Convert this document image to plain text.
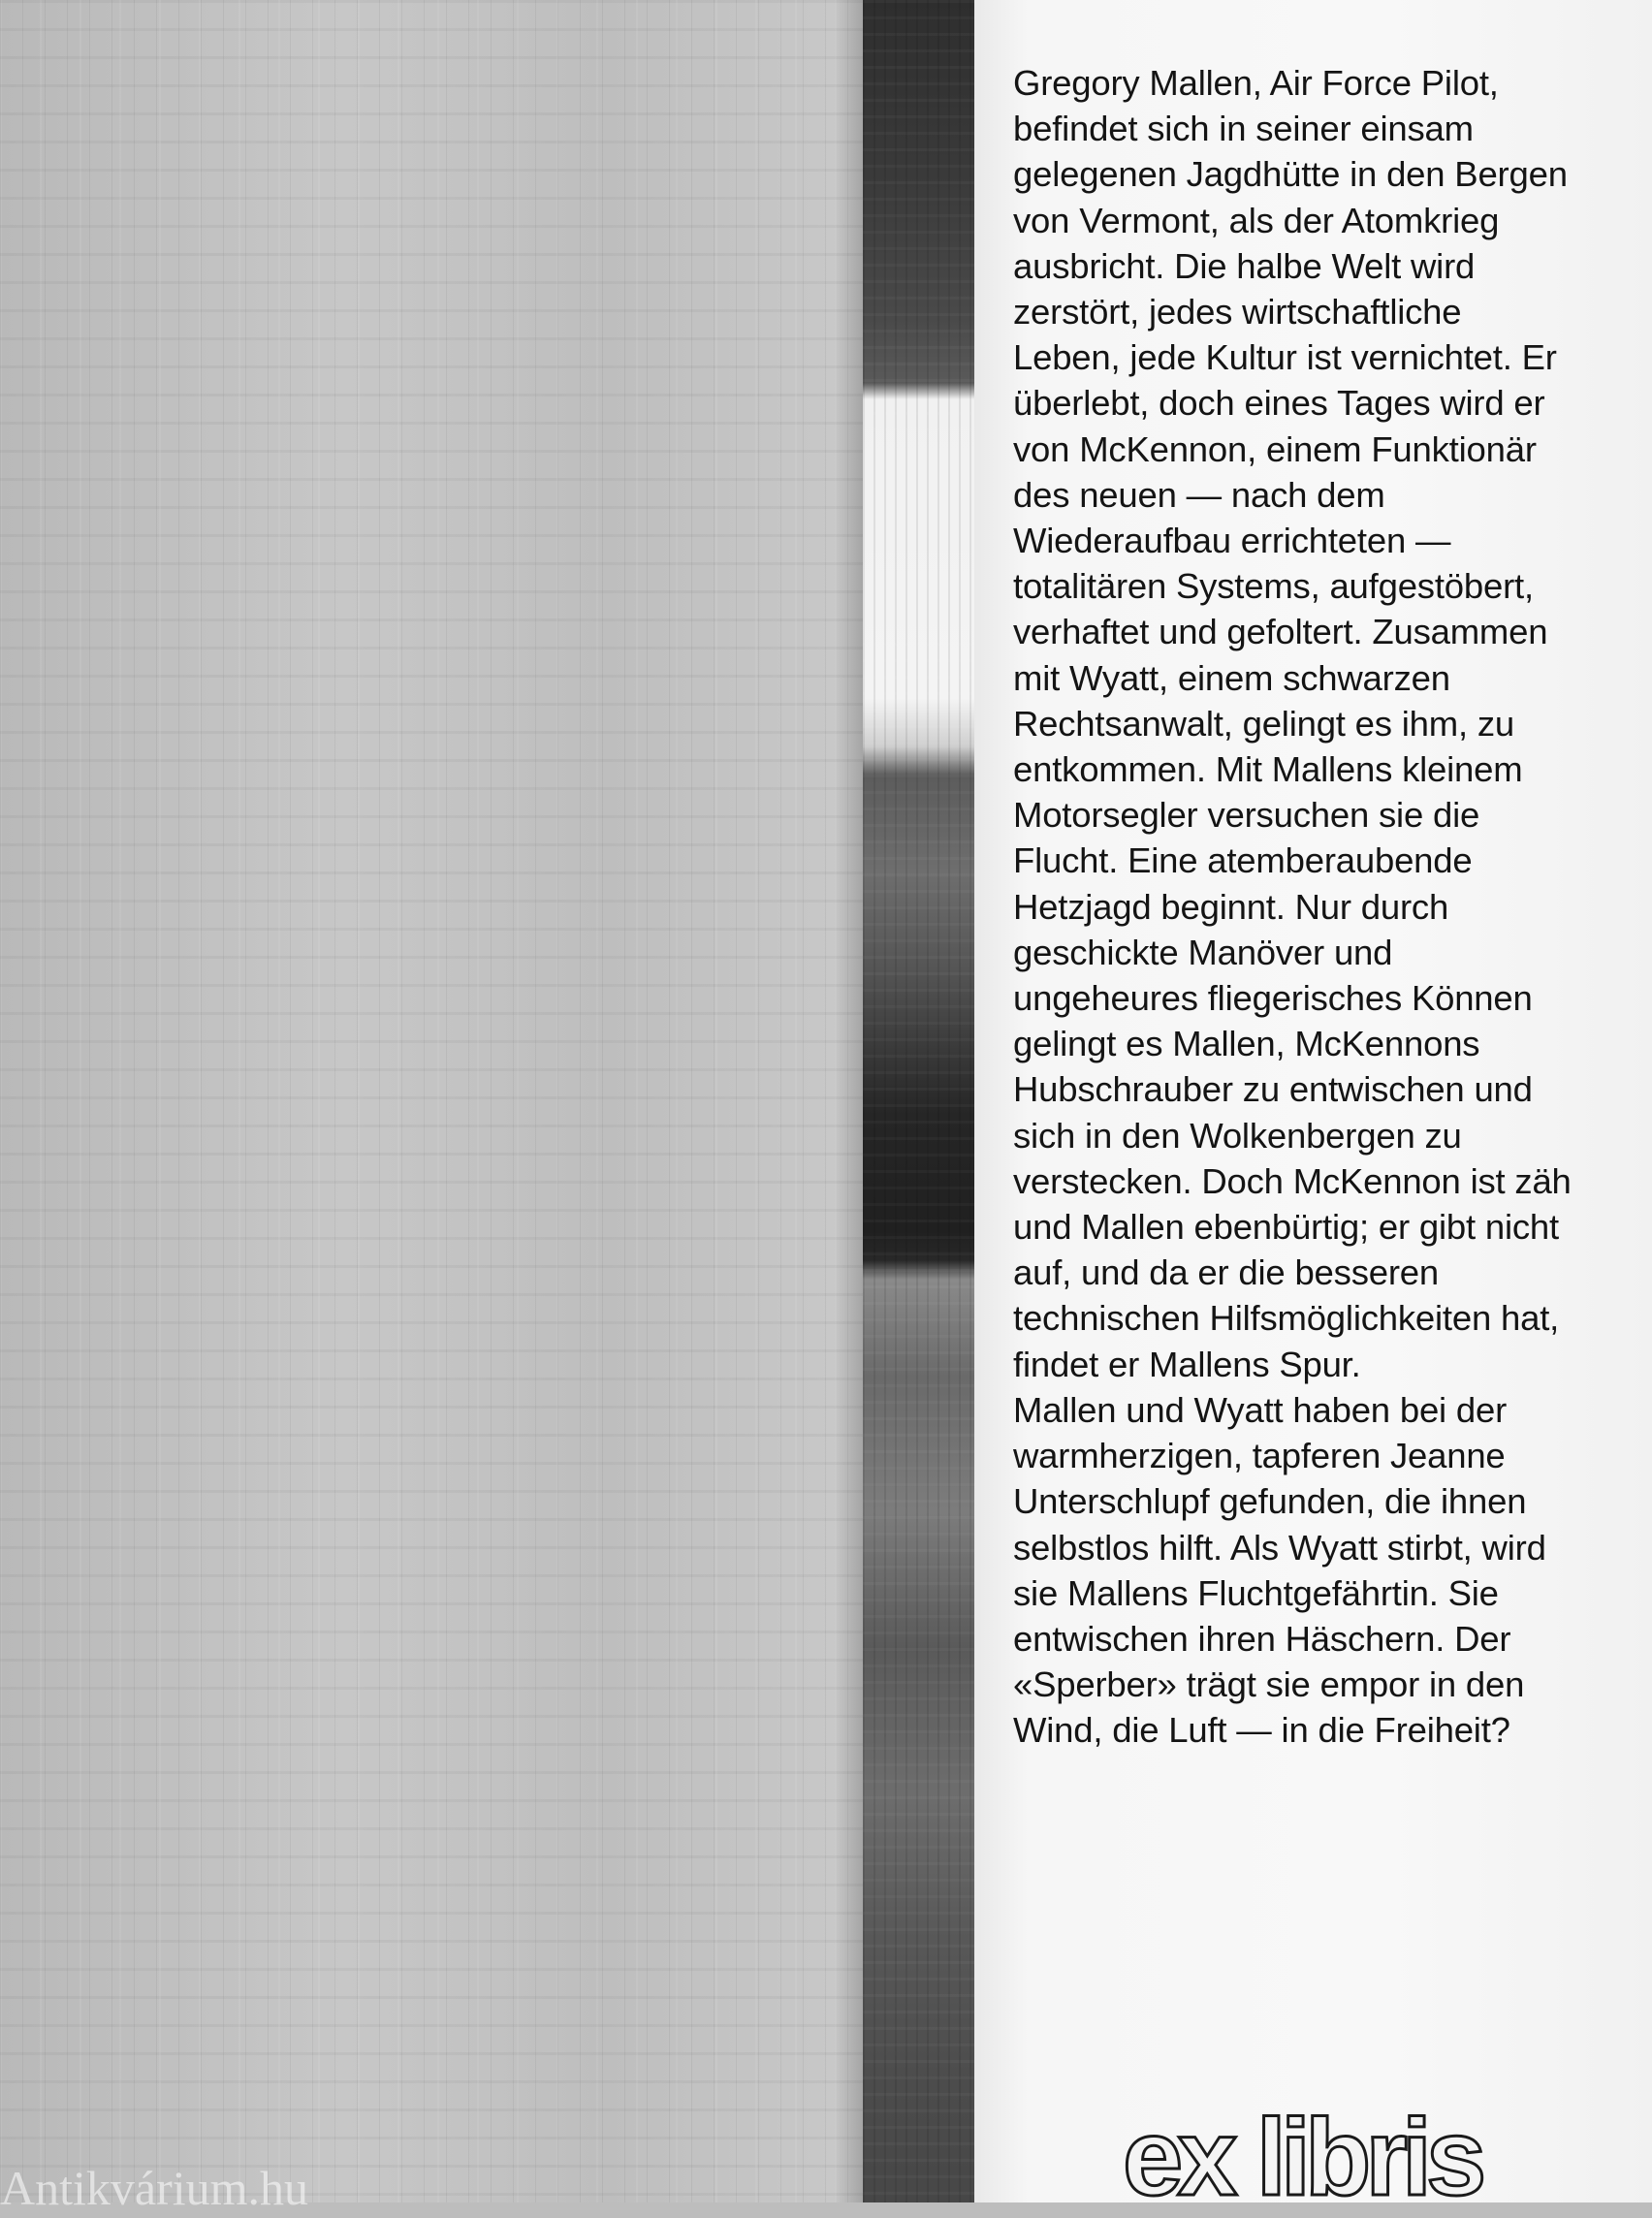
Gregory Mallen, Air Force Pilot,
befindet sich in seiner einsam
gelegenen Jagdhütte in den Bergen
von Vermont, als der Atomkrieg
ausbricht. Die halbe Welt wird
zerstört, jedes wirtschaftliche
Leben, jede Kultur ist vernichtet. Er
überlebt, doch eines Tages wird er
von McKennon, einem Funktionär
des neuen — nach dem
Wiederaufbau errichteten —
totalitären Systems, aufgestöbert,
verhaftet und gefoltert. Zusammen
mit Wyatt, einem schwarzen
Rechtsanwalt, gelingt es ihm, zu
entkommen. Mit Mallens kleinem
Motorsegler versuchen sie die
Flucht. Eine atemberaubende
Hetzjagd beginnt. Nur durch
geschickte Manöver und
ungeheures fliegerisches Können
gelingt es Mallen, McKennons
Hubschrauber zu entwischen und
sich in den Wolkenbergen zu
verstecken. Doch McKennon ist zäh
und Mallen ebenbürtig; er gibt nicht
auf, und da er die besseren
technischen Hilfsmöglichkeiten hat,
findet er Mallens Spur.
Mallen und Wyatt haben bei der
warmherzigen, tapferen Jeanne
Unterschlupf gefunden, die ihnen
selbstlos hilft. Als Wyatt stirbt, wird
sie Mallens Fluchtgefährtin. Sie
entwischen ihren Häschern. Der
«Sperber» trägt sie empor in den
Wind, die Luft — in die Freiheit?

ex libris
Antikvárium.hu
